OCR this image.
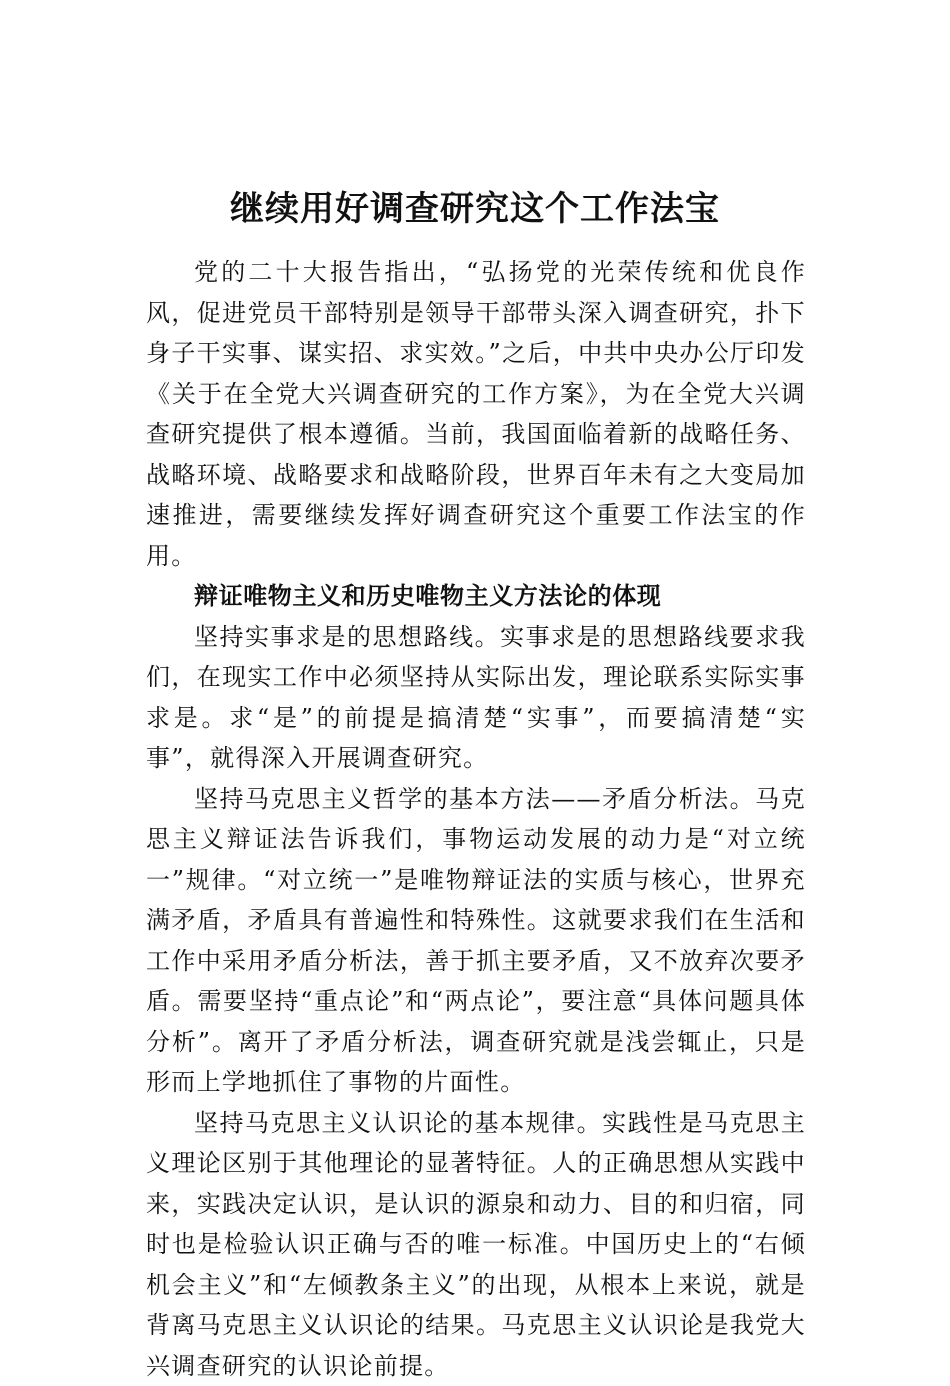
继续用好调查研究这个工作法宝

党的二十大报告指出，“弘扬党的光荣传统和优良作风，促进党员干部特别是领导干部带头深入调查研究，扑下身子干实事、谋实招、求实效。”之后，中共中央办公厅印发《关于在全党大兴调查研究的工作方案》，为在全党大兴调查研究提供了根本遵循。当前，我国面临着新的战略任务、战略环境、战略要求和战略阶段，世界百年未有之大变局加速推进，需要继续发挥好调查研究这个重要工作法宝的作用。

辩证唯物主义和历史唯物主义方法论的体现

坚持实事求是的思想路线。实事求是的思想路线要求我们，在现实工作中必须坚持从实际出发，理论联系实际实事求是。求“是”的前提是搞清楚“实事”，而要搞清楚“实事”，就得深入开展调查研究。

坚持马克思主义哲学的基本方法——矛盾分析法。马克思主义辩证法告诉我们，事物运动发展的动力是“对立统一”规律。“对立统一”是唯物辩证法的实质与核心，世界充满矛盾，矛盾具有普遍性和特殊性。这就要求我们在生活和工作中采用矛盾分析法，善于抓主要矛盾，又不放弃次要矛盾。需要坚持“重点论”和“两点论”，要注意“具体问题具体分析”。离开了矛盾分析法，调查研究就是浅尝辄止，只是形而上学地抓住了事物的片面性。

坚持马克思主义认识论的基本规律。实践性是马克思主义理论区别于其他理论的显著特征。人的正确思想从实践中来，实践决定认识，是认识的源泉和动力、目的和归宿，同时也是检验认识正确与否的唯一标准。中国历史上的“右倾机会主义”和“左倾教条主义”的出现，从根本上来说，就是背离马克思主义认识论的结果。马克思主义认识论是我党大兴调查研究的认识论前提。
